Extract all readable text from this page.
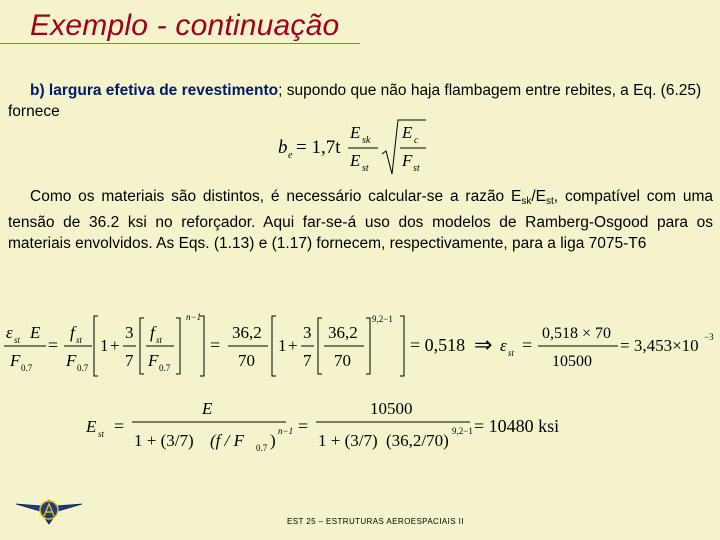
Exemplo - continuação
b) largura efetiva de revestimento; supondo que não haja flambagem entre rebites, a Eq. (6.25) fornece
b e = 1,7t
E sk
E st
E c
F st
Como os materiais são distintos, é necessário calcular-se a razão $E_{sk}/E_{st}$, compatível com uma tensão de 36.2 ksi no reforçador. Aqui far-se-á uso dos modelos de Ramberg-Osgood para os materiais envolvidos. As Eqs. (1.13) e (1.17) fornecem, respectivamente, para a liga 7075-T6
ε st E
F 0.7
=
f st
F 0.7
1 +
3
7
f st
F 0.7
n−1
=
36,2
70
1 +
3
7
36,2
70
9,2−1
= 0,518 ⇒ ε st =
0,518 × 70
10500
= 3,453×10 −3
E st =
E
1 + (3/7) (f / F 0.7 ) n−1 =
10500
1 + (3/7) (36,2/70) 9,2−1 = 10480 ksi
EST 25 – ESTRUTURAS AEROESPACIAIS II
